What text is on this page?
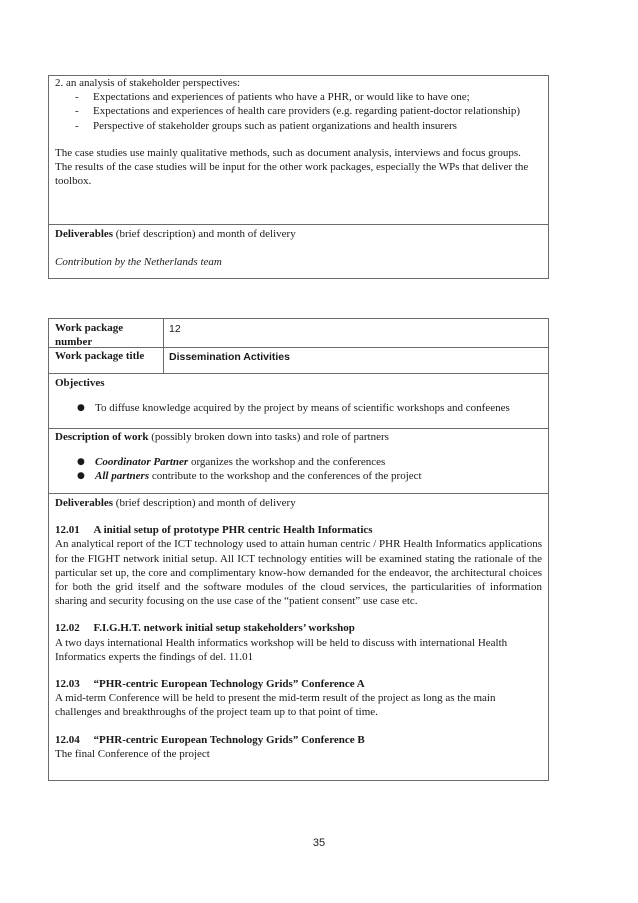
2. an analysis of stakeholder perspectives:

- Expectations and experiences of patients who have a PHR, or would like to have one;
- Expectations and experiences of health care providers (e.g. regarding patient-doctor relationship)
- Perspective of stakeholder groups such as patient organizations and health insurers

The case studies use mainly qualitative methods, such as document analysis, interviews and focus groups.

The results of the case studies will be input for the other work packages, especially the WPs that deliver the toolbox.

Deliverables (brief description) and month of delivery

Contribution by the Netherlands team

Work package number
12
Work package title	Dissemination Activities

Objectives

● To diffuse knowledge acquired by the project by means of scientific workshops and confeenes

Description of work (possibly broken down into tasks) and role of partners

● Coordinator Partner organizes the workshop and the conferences
● All partners contribute to the workshop and the conferences of the project

Deliverables (brief description) and month of delivery

12.01 A initial setup of prototype PHR centric Health Informatics

An analytical report of the ICT technology used to attain human centric / PHR Health Informatics applications for the FIGHT network initial setup. All ICT technology entities will be examined stating the rationale of the particular set up, the core and complimentary know-how demanded for the endeavor, the architectural choices for both the grid itself and the software modules of the cloud services, the particularities of information sharing and security focusing on the use case of the “patient consent” use case etc.

12.02 F.I.G.H.T. network initial setup stakeholders’ workshop

A two days international Health informatics workshop will be held to discuss with international Health Informatics experts the findings of del. 11.01

12.03 “PHR-centric European Technology Grids” Conference A

A mid-term Conference will be held to present the mid-term result of the project as long as the main challenges and breakthroughs of the project team up to that point of time.

12.04 “PHR-centric European Technology Grids” Conference B

The final Conference of the project

35
